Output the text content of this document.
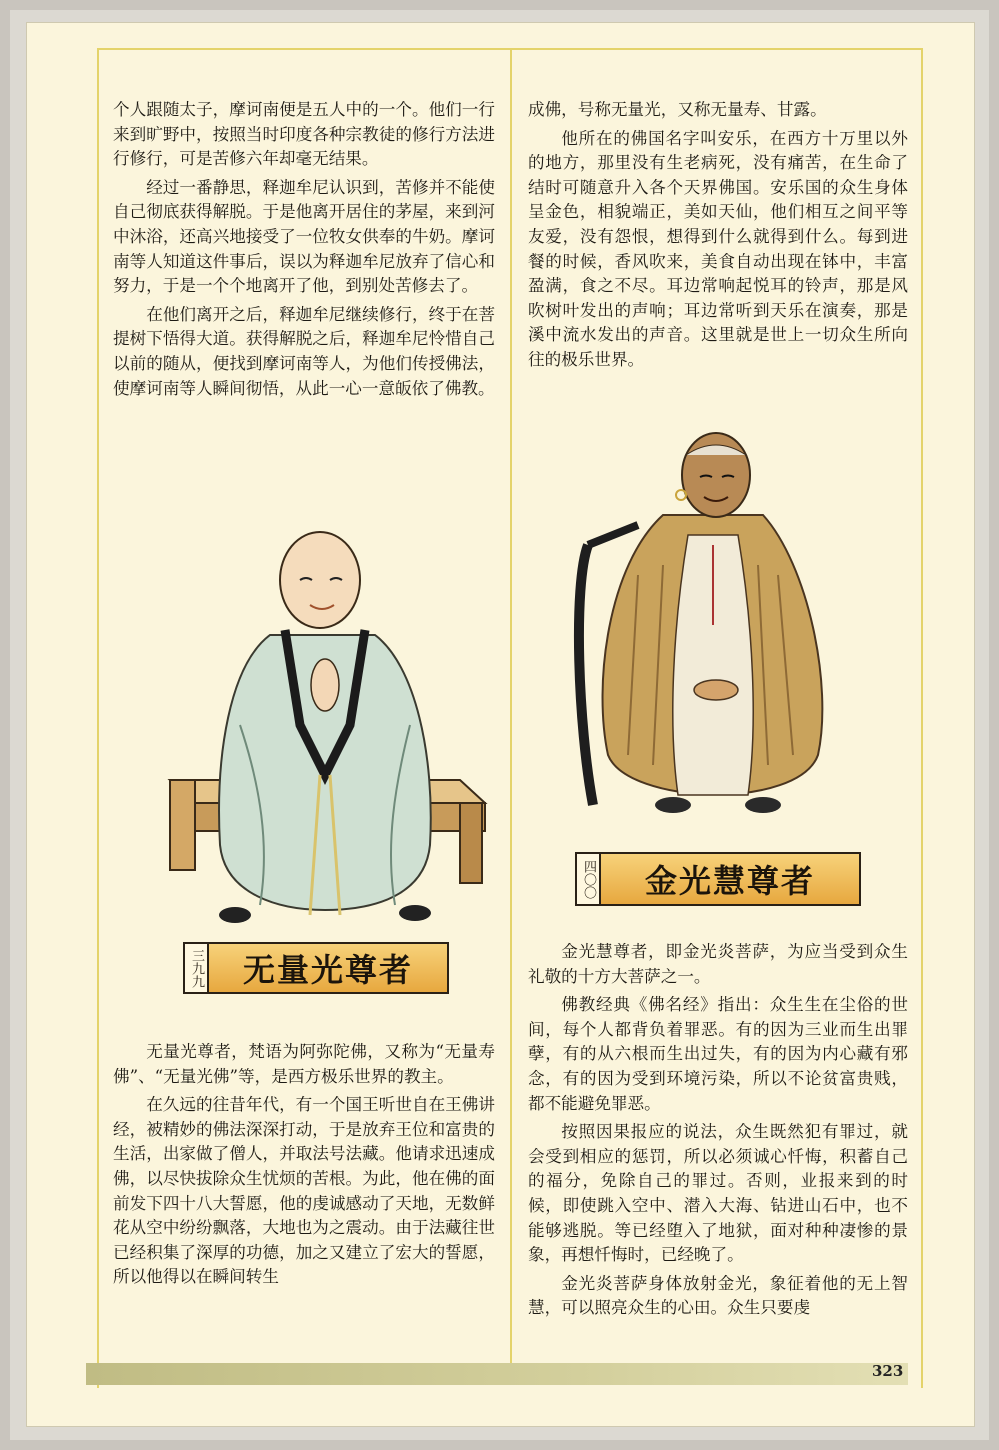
个人跟随太子，摩诃南便是五人中的一个。他们一行来到旷野中，按照当时印度各种宗教徒的修行方法进行修行，可是苦修六年却毫无结果。

经过一番静思，释迦牟尼认识到，苦修并不能使自己彻底获得解脱。于是他离开居住的茅屋，来到河中沐浴，还高兴地接受了一位牧女供奉的牛奶。摩诃南等人知道这件事后，误以为释迦牟尼放弃了信心和努力，于是一个个地离开了他，到别处苦修去了。

在他们离开之后，释迦牟尼继续修行，终于在菩提树下悟得大道。获得解脱之后，释迦牟尼怜惜自己以前的随从，便找到摩诃南等人，为他们传授佛法，使摩诃南等人瞬间彻悟，从此一心一意皈依了佛教。

三九九	无量光尊者

无量光尊者，梵语为阿弥陀佛，又称为“无量寿佛”、“无量光佛”等，是西方极乐世界的教主。

在久远的往昔年代，有一个国王听世自在王佛讲经，被精妙的佛法深深打动，于是放弃王位和富贵的生活，出家做了僧人，并取法号法藏。他请求迅速成佛，以尽快拔除众生忧烦的苦根。为此，他在佛的面前发下四十八大誓愿，他的虔诚感动了天地，无数鲜花从空中纷纷飘落，大地也为之震动。由于法藏往世已经积集了深厚的功德，加之又建立了宏大的誓愿，所以他得以在瞬间转生

成佛，号称无量光，又称无量寿、甘露。

他所在的佛国名字叫安乐，在西方十万里以外的地方，那里没有生老病死，没有痛苦，在生命了结时可随意升入各个天界佛国。安乐国的众生身体呈金色，相貌端正，美如天仙，他们相互之间平等友爱，没有怨恨，想得到什么就得到什么。每到进餐的时候，香风吹来，美食自动出现在钵中，丰富盈满，食之不尽。耳边常响起悦耳的铃声，那是风吹树叶发出的声响；耳边常听到天乐在演奏，那是溪中流水发出的声音。这里就是世上一切众生所向往的极乐世界。

四〇〇	金光慧尊者

金光慧尊者，即金光炎菩萨，为应当受到众生礼敬的十方大菩萨之一。

佛教经典《佛名经》指出：众生生在尘俗的世间，每个人都背负着罪恶。有的因为三业而生出罪孽，有的从六根而生出过失，有的因为内心藏有邪念，有的因为受到环境污染，所以不论贫富贵贱，都不能避免罪恶。

按照因果报应的说法，众生既然犯有罪过，就会受到相应的惩罚，所以必须诚心忏悔，积蓄自己的福分，免除自己的罪过。否则，业报来到的时候，即使跳入空中、潜入大海、钻进山石中，也不能够逃脱。等已经堕入了地狱，面对种种凄惨的景象，再想忏悔时，已经晚了。

金光炎菩萨身体放射金光，象征着他的无上智慧，可以照亮众生的心田。众生只要虔

323
